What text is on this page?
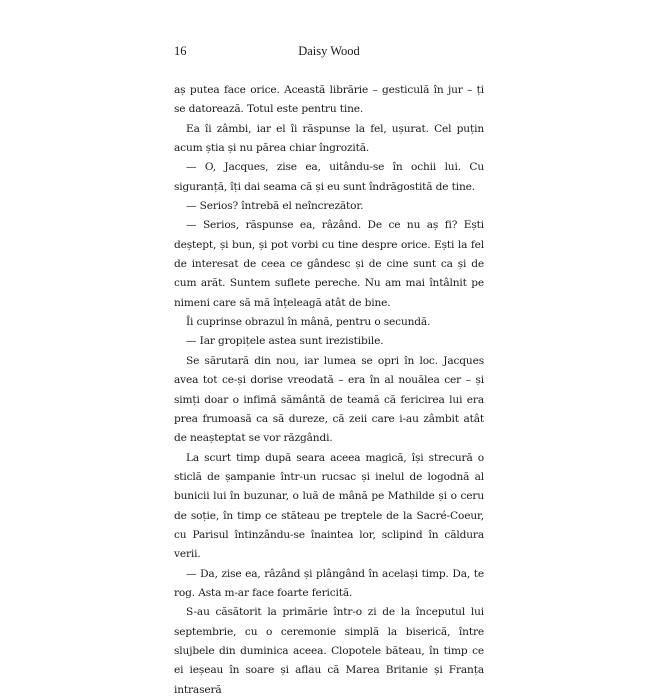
16	Daisy Wood

aș putea face orice. Această librărie – gesticulă în jur – ți se datorează. Totul este pentru tine.

Ea îi zâmbi, iar el îi răspunse la fel, ușurat. Cel puțin acum știa și nu părea chiar îngrozită.

— O, Jacques, zise ea, uitându-se în ochii lui. Cu siguranță, îți dai seama că și eu sunt îndrăgostită de tine.

— Serios? întrebă el neîncrezător.

— Serios, răspunse ea, râzând. De ce nu aș fi? Ești deștept, și bun, și pot vorbi cu tine despre orice. Ești la fel de interesat de ceea ce gândesc și de cine sunt ca și de cum arăt. Suntem suflete pereche. Nu am mai întâlnit pe nimeni care să mă înțeleagă atât de bine.

Îi cuprinse obrazul în mână, pentru o secundă.

— Iar gropițele astea sunt irezistibile.

Se sărutară din nou, iar lumea se opri în loc. Jacques avea tot ce-și dorise vreodată – era în al nouălea cer – și simți doar o infimă sământă de teamă că fericirea lui era prea frumoasă ca să dureze, că zeii care i-au zâmbit atât de neașteptat se vor răzgândi.

La scurt timp după seara aceea magică, își strecură o sticlă de șampanie într-un rucsac și inelul de logodnă al bunicii lui în buzunar, o luă de mână pe Mathilde și o ceru de soție, în timp ce stăteau pe treptele de la Sacré-Coeur, cu Parisul întinzându-se înaintea lor, sclipind în căldura verii.

— Da, zise ea, râzând și plângând în același timp. Da, te rog. Asta m-ar face foarte fericită.

S-au căsătorit la primărie într-o zi de la începutul lui septembrie, cu o ceremonie simplă la biserică, între slujbele din duminica aceea. Clopotele băteau, în timp ce ei ieșeau în soare și aflau că Marea Britanie și Franța intraseră
